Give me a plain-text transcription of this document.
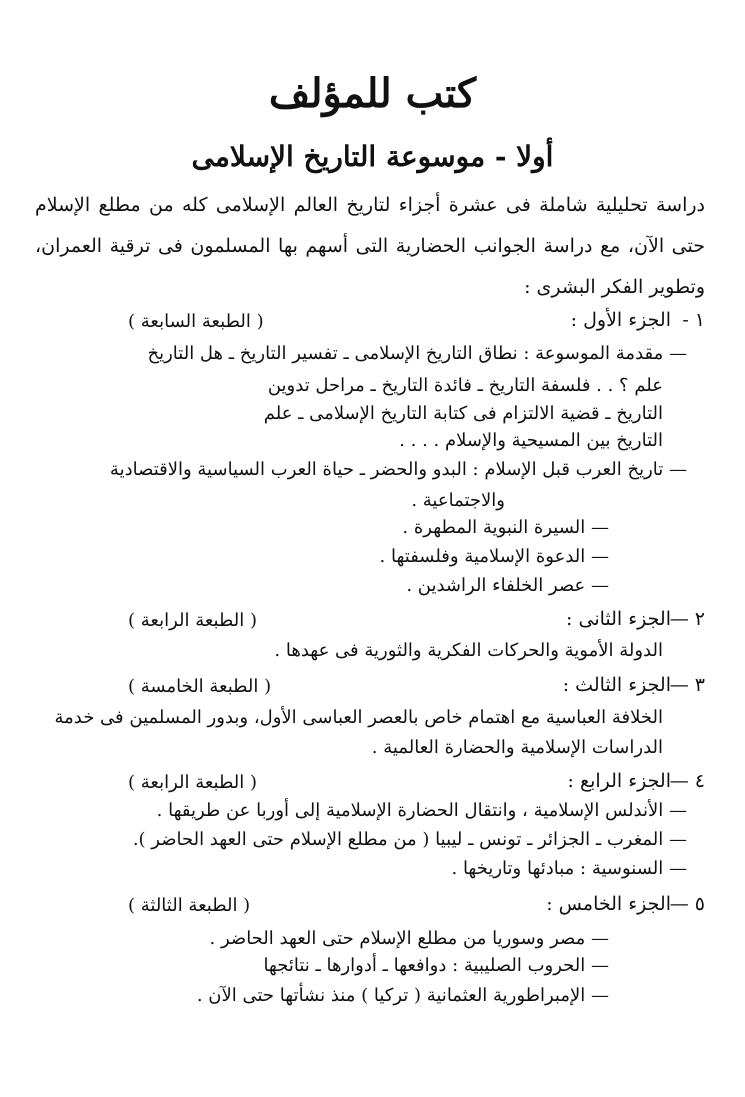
كتب للمؤلف
أولا - موسوعة التاريخ الإسلامى
دراسة تحليلية شاملة فى عشرة أجزاء لتاريخ العالم الإسلامى كله من مطلع الإسلام حتى الآن، مع دراسة الجوانب الحضارية التى أسهم بها المسلمون فى ترقية العمران، وتطوير الفكر البشرى :
١ -الجزء الأول :
( الطبعة السابعة )
— مقدمة الموسوعة : نطاق التاريخ الإسلامى ـ تفسير التاريخ ـ هل التاريخ
علم ؟ . . فلسفة التاريخ ـ فائدة التاريخ ـ مراحل تدوين
التاريخ ـ قضية الالتزام فى كتابة التاريخ الإسلامى ـ علم
التاريخ بين المسيحية والإسلام . . . .
— تاريخ العرب قبل الإسلام : البدو والحضر ـ حياة العرب السياسية والاقتصادية
والاجتماعية .
— السيرة النبوية المطهرة .
— الدعوة الإسلامية وفلسفتها .
— عصر الخلفاء الراشدين .
٢ —الجزء الثانى :
( الطبعة الرابعة )
الدولة الأموية والحركات الفكرية والثورية فى عهدها .
٣ —الجزء الثالث :
( الطبعة الخامسة )
الخلافة العباسية مع اهتمام خاص بالعصر العباسى الأول، وبدور المسلمين فى خدمة
الدراسات الإسلامية والحضارة العالمية .
٤ —الجزء الرابع :
( الطبعة الرابعة )
— الأندلس الإسلامية ، وانتقال الحضارة الإسلامية إلى أوربا عن طريقها .
— المغرب ـ الجزائر ـ تونس ـ ليبيا ( من مطلع الإسلام حتى العهد الحاضر ).
— السنوسية : مبادئها وتاريخها .
٥ —الجزء الخامس :
( الطبعة الثالثة )
— مصر وسوريا من مطلع الإسلام حتى العهد الحاضر .
— الحروب الصليبية : دوافعها ـ أدوارها ـ نتائجها
— الإمبراطورية العثمانية ( تركيا ) منذ نشأتها حتى الآن .
